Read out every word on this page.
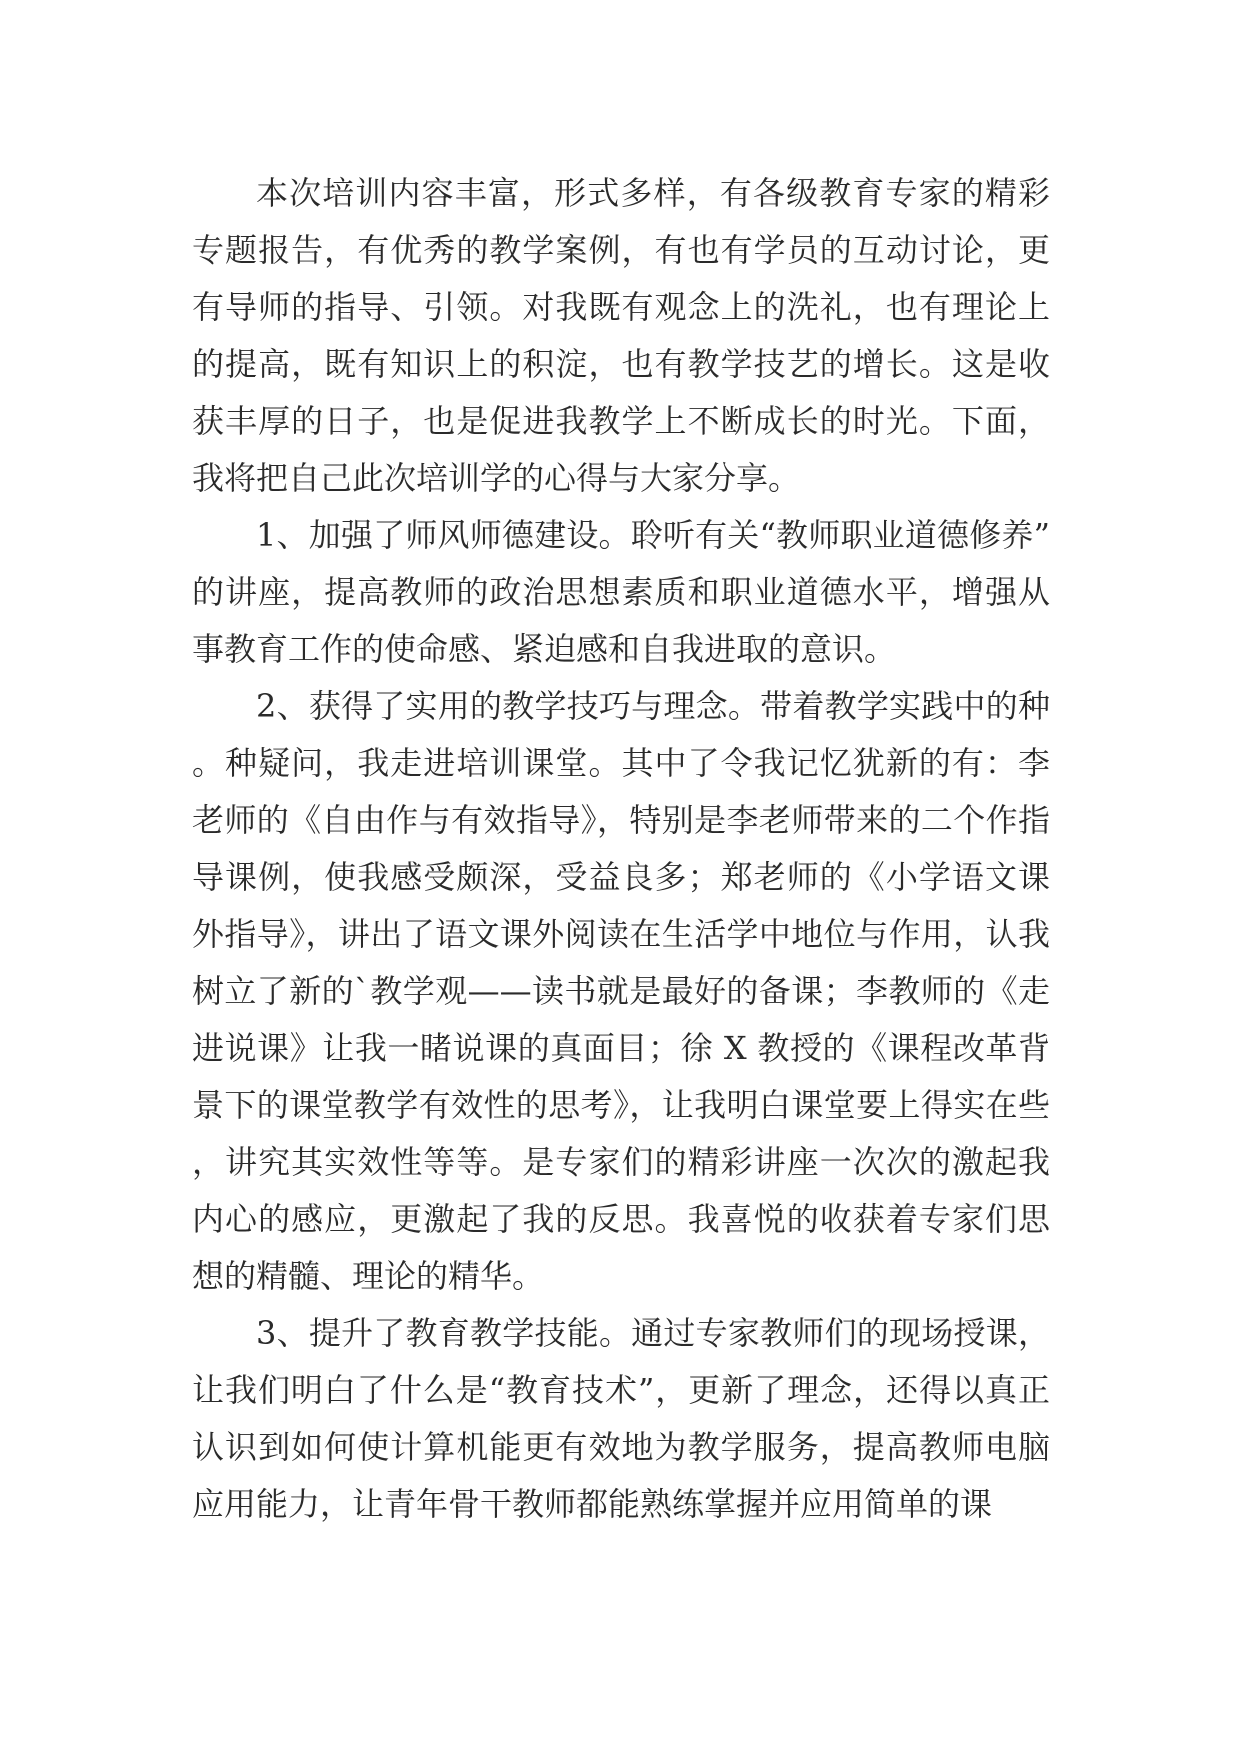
本次培训内容丰富，形式多样，有各级教育专家的精彩专题报告，有优秀的教学案例，有也有学员的互动讨论，更有导师的指导、引领。对我既有观念上的洗礼，也有理论上的提高，既有知识上的积淀，也有教学技艺的增长。这是收获丰厚的日子，也是促进我教学上不断成长的时光。下面，我将把自己此次培训学的心得与大家分享。

1、加强了师风师德建设。聆听有关“教师职业道德修养”的讲座，提高教师的政治思想素质和职业道德水平，增强从事教育工作的使命感、紧迫感和自我进取的意识。

2、获得了实用的教学技巧与理念。带着教学实践中的种。种疑问，我走进培训课堂。其中了令我记忆犹新的有：李老师的《自由作与有效指导》，特别是李老师带来的二个作指导课例，使我感受颇深，受益良多；郑老师的《小学语文课外指导》，讲出了语文课外阅读在生活学中地位与作用，认我树立了新的`教学观——读书就是最好的备课；李教师的《走进说课》让我一睹说课的真面目；徐 X 教授的《课程改革背景下的课堂教学有效性的思考》，让我明白课堂要上得实在些，讲究其实效性等等。是专家们的精彩讲座一次次的激起我内心的感应，更激起了我的反思。我喜悦的收获着专家们思想的精髓、理论的精华。

3、提升了教育教学技能。通过专家教师们的现场授课，让我们明白了什么是“教育技术”，更新了理念，还得以真正认识到如何使计算机能更有效地为教学服务，提高教师电脑应用能力，让青年骨干教师都能熟练掌握并应用简单的课
